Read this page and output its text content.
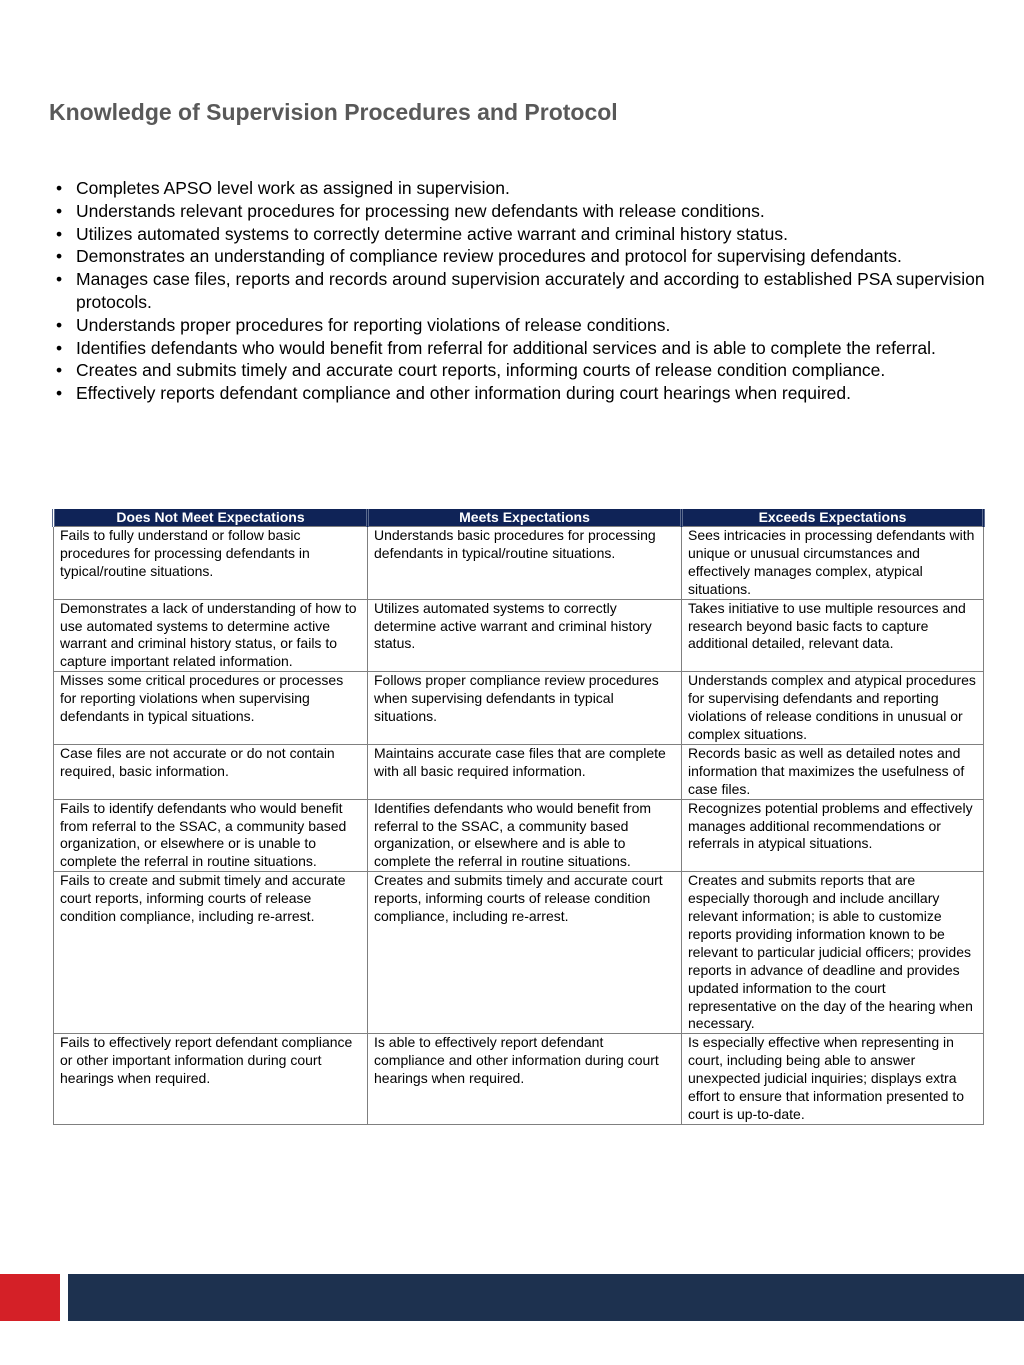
Knowledge of Supervision Procedures and Protocol
• Completes APSO level work as assigned in supervision.
• Understands relevant procedures for processing new defendants with release conditions.
• Utilizes automated systems to correctly determine active warrant and criminal history status.
• Demonstrates an understanding of compliance review procedures and protocol for supervising defendants.
• Manages case files, reports and records around supervision accurately and according to established PSA supervision protocols.
• Understands proper procedures for reporting violations of release conditions.
• Identifies defendants who would benefit from referral for additional services and is able to complete the referral.
• Creates and submits timely and accurate court reports, informing courts of release condition compliance.
• Effectively reports defendant compliance and other information during court hearings when required.
Does Not Meet Expectations	Meets Expectations	Exceeds Expectations
Fails to fully understand or follow basic procedures for processing defendants in typical/routine situations.	Understands basic procedures for processing defendants in typical/routine situations.	Sees intricacies in processing defendants with unique or unusual circumstances and effectively manages complex, atypical situations.
Demonstrates a lack of understanding of how to use automated systems to determine active warrant and criminal history status, or fails to capture important related information.	Utilizes automated systems to correctly determine active warrant and criminal history status.	Takes initiative to use multiple resources and research beyond basic facts to capture additional detailed, relevant data.
Misses some critical procedures or processes for reporting violations when supervising defendants in typical situations.	Follows proper compliance review procedures when supervising defendants in typical situations.	Understands complex and atypical procedures for supervising defendants and reporting violations of release conditions in unusual or complex situations.
Case files are not accurate or do not contain required, basic information.	Maintains accurate case files that are complete with all basic required information.	Records basic as well as detailed notes and information that maximizes the usefulness of case files.
Fails to identify defendants who would benefit from referral to the SSAC, a community based organization, or elsewhere or is unable to complete the referral in routine situations.	Identifies defendants who would benefit from referral to the SSAC, a community based organization, or elsewhere and is able to complete the referral in routine situations.	Recognizes potential problems and effectively manages additional recommendations or referrals in atypical situations.
Fails to create and submit timely and accurate court reports, informing courts of release condition compliance, including re-arrest.	Creates and submits timely and accurate court reports, informing courts of release condition compliance, including re-arrest.	Creates and submits reports that are especially thorough and include ancillary relevant information; is able to customize reports providing information known to be relevant to particular judicial officers; provides reports in advance of deadline and provides updated information to the court representative on the day of the hearing when necessary.
Fails to effectively report defendant compliance or other important information during court hearings when required.	Is able to effectively report defendant compliance and other information during court hearings when required.	Is especially effective when representing in court, including being able to answer unexpected judicial inquiries; displays extra effort to ensure that information presented to court is up-to-date.
